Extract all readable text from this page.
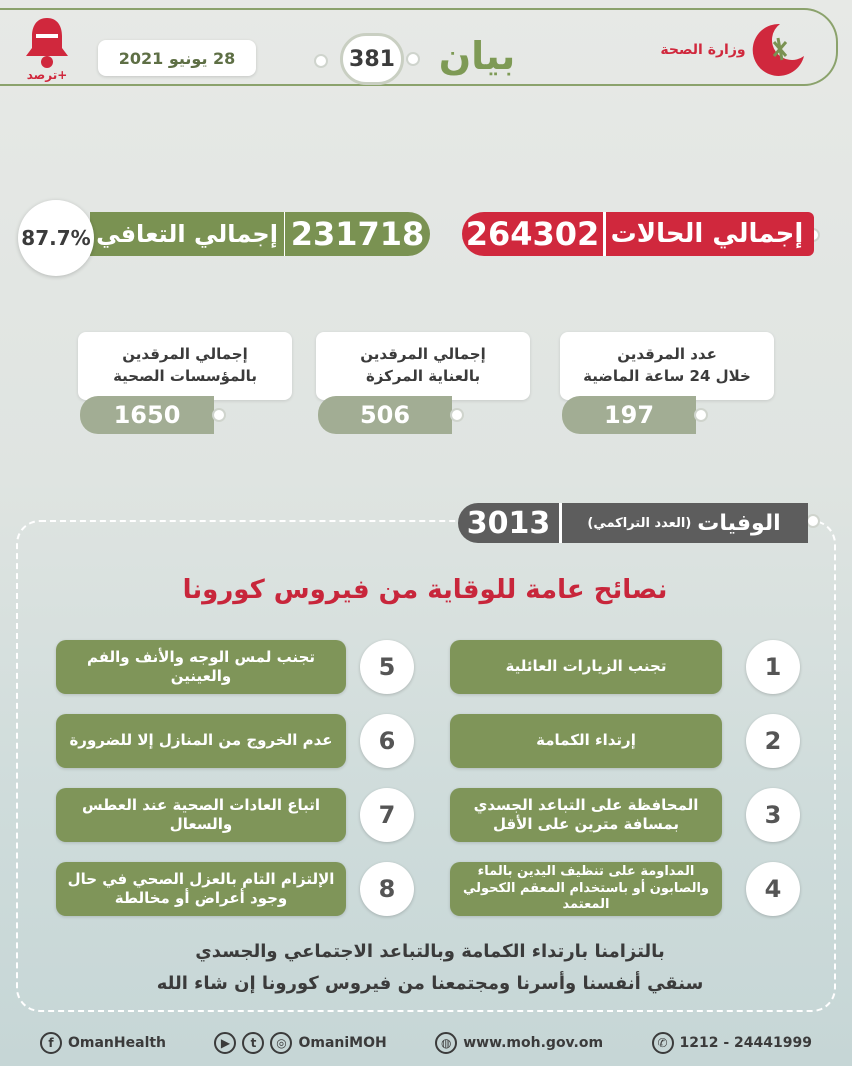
ترصد+
28 يونيو 2021	381	بيان	وزارة الصحة
إجمالي الحالات
264302
231718
إجمالي التعافي
87.7%
عدد المرقدين
خلال 24 ساعة الماضية
197
إجمالي المرقدين
بالعناية المركزة
506
إجمالي المرقدين
بالمؤسسات الصحية
1650
الوفيات
(العدد التراكمي)
3013
نصائح عامة للوقاية من فيروس كورونا
تجنب الزيارات العائلية	1
إرتداء الكمامة	2
المحافظة على التباعد الجسدي بمسافة مترين على الأقل	3
المداومة على تنظيف اليدين بالماء والصابون أو باستخدام المعقم الكحولي المعتمد
4
تجنب لمس الوجه والأنف والفم والعينين	5
عدم الخروج من المنازل إلا للضرورة	6
اتباع العادات الصحية عند العطس والسعال	7
الإلتزام التام بالعزل الصحي في حال وجود أعراض أو مخالطة	8
بالتزامنا بارتداء الكمامة وبالتباعد الاجتماعي والجسدي
سنقي أنفسنا وأسرنا ومجتمعنا من فيروس كورونا إن شاء الله
f	OmanHealth	▶	t	◎ OmaniMOH	◍ www.moh.gov.om	✆ 1212 - 24441999
